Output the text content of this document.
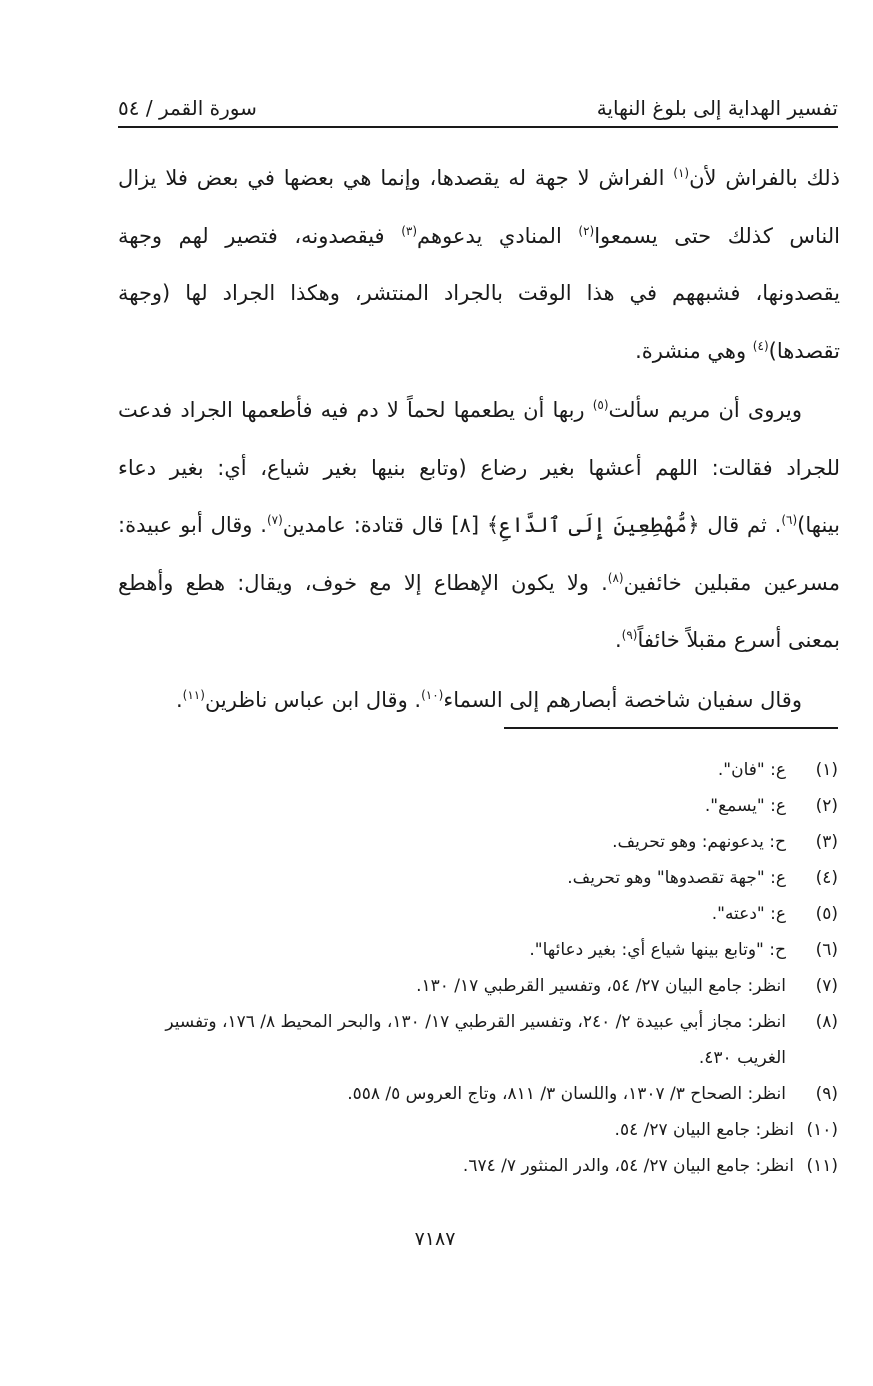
تفسير الهداية إلى بلوغ النهاية
سورة القمر / ٥٤
ذلك بالفراش لأن$^{(١)}$ الفراش لا جهة له يقصدها، وإنما هي بعضها في بعض فلا يزال
الناس كذلك حتى يسمعوا$^{(٢)}$ المنادي يدعوهم$^{(٣)}$ فيقصدونه، فتصير لهم وجهة
يقصدونها، فشبههم في هذا الوقت بالجراد المنتشر، وهكذا الجراد لها (وجهة
تقصدها)$^{(٤)}$ وهي منشرة.
ويروى أن مريم سألت$^{(٥)}$ ربها أن يطعمها لحماً لا دم فيه فأطعمها الجراد فدعت
للجراد فقالت: اللهم أعشها بغير رضاع (وتابع بنيها بغير شياع، أي: بغير دعاء
بينها)$^{(٦)}$. ثم قال ﴿مُّهْطِعِينَ إِلَى ٱلدَّاعِ﴾ [٨] قال قتادة: عامدين$^{(٧)}$. وقال أبو عبيدة:
مسرعين مقبلين خائفين$^{(٨)}$. ولا يكون الإهطاع إلا مع خوف، ويقال: هطع وأهطع
بمعنى أسرع مقبلاً خائفاً$^{(٩)}$.
وقال سفيان شاخصة أبصارهم إلى السماء$^{(١٠)}$. وقال ابن عباس ناظرين$^{(١١)}$.
(١)
ع: "فان".
(٢)
ع: "يسمع".
(٣)
ح: يدعونهم: وهو تحريف.
(٤)
ع: "جهة تقصدوها" وهو تحريف.
(٥)
ع: "دعته".
(٦)
ح: "وتابع بينها شياع أي: بغير دعائها".
(٧)
انظر: جامع البيان ٢٧/ ٥٤، وتفسير القرطبي ١٧/ ١٣٠.
(٨)
انظر: مجاز أبي عبيدة ٢/ ٢٤٠، وتفسير القرطبي ١٧/ ١٣٠، والبحر المحيط ٨/ ١٧٦، وتفسير الغريب ٤٣٠.
(٩)
انظر: الصحاح ٣/ ١٣٠٧، واللسان ٣/ ٨١١، وتاج العروس ٥/ ٥٥٨.
(١٠)
انظر: جامع البيان ٢٧/ ٥٤.
(١١)
انظر: جامع البيان ٢٧/ ٥٤، والدر المنثور ٧/ ٦٧٤.
٧١٨٧
